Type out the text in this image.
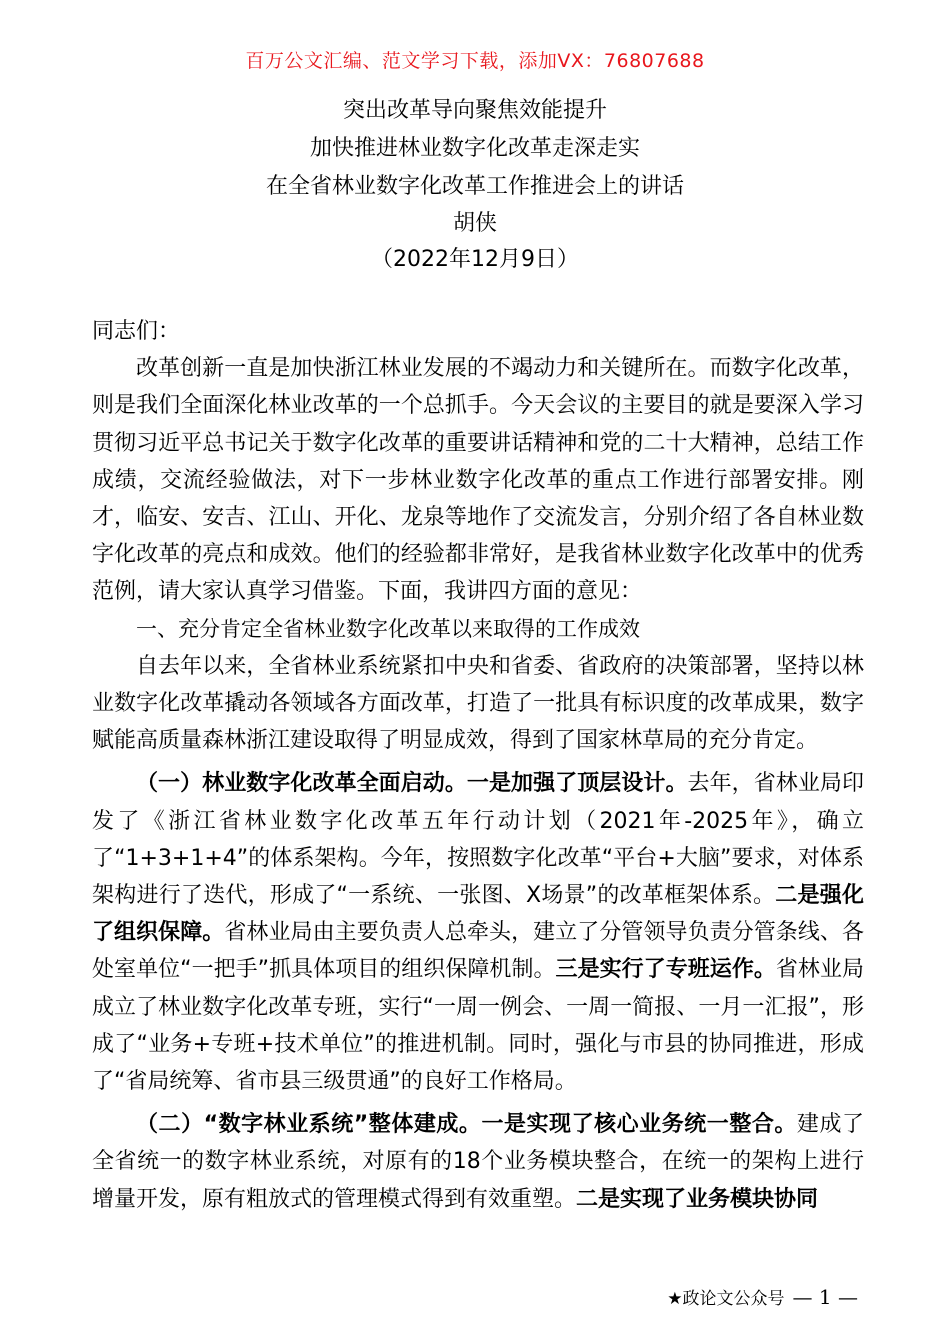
百万公文汇编、范文学习下载，添加VX：76807688
突出改革导向聚焦效能提升
加快推进林业数字化改革走深走实
在全省林业数字化改革工作推进会上的讲话
胡侠
（2022年12月9日）

同志们：

改革创新一直是加快浙江林业发展的不竭动力和关键所在。而数字化改革，则是我们全面深化林业改革的一个总抓手。今天会议的主要目的就是要深入学习贯彻习近平总书记关于数字化改革的重要讲话精神和党的二十大精神，总结工作成绩，交流经验做法，对下一步林业数字化改革的重点工作进行部署安排。刚才，临安、安吉、江山、开化、龙泉等地作了交流发言，分别介绍了各自林业数字化改革的亮点和成效。他们的经验都非常好，是我省林业数字化改革中的优秀范例，请大家认真学习借鉴。下面，我讲四方面的意见：

一、充分肯定全省林业数字化改革以来取得的工作成效

自去年以来，全省林业系统紧扣中央和省委、省政府的决策部署，坚持以林业数字化改革撬动各领域各方面改革，打造了一批具有标识度的改革成果，数字赋能高质量森林浙江建设取得了明显成效，得到了国家林草局的充分肯定。

（一）林业数字化改革全面启动。一是加强了顶层设计。去年，省林业局印发了《浙江省林业数字化改革五年行动计划（2021年-2025年》，确立了“1+3+1+4”的体系架构。今年，按照数字化改革“平台+大脑”要求，对体系架构进行了迭代，形成了“一系统、一张图、X场景”的改革框架体系。二是强化了组织保障。省林业局由主要负责人总牵头，建立了分管领导负责分管条线、各处室单位“一把手”抓具体项目的组织保障机制。三是实行了专班运作。省林业局成立了林业数字化改革专班，实行“一周一例会、一周一简报、一月一汇报”，形成了“业务+专班+技术单位”的推进机制。同时，强化与市县的协同推进，形成了“省局统筹、省市县三级贯通”的良好工作格局。

（二）“数字林业系统”整体建成。一是实现了核心业务统一整合。建成了全省统一的数字林业系统，对原有的18个业务模块整合，在统一的架构上进行增量开发，原有粗放式的管理模式得到有效重塑。二是实现了业务模块协同

★政论文公众号 — 1 —
